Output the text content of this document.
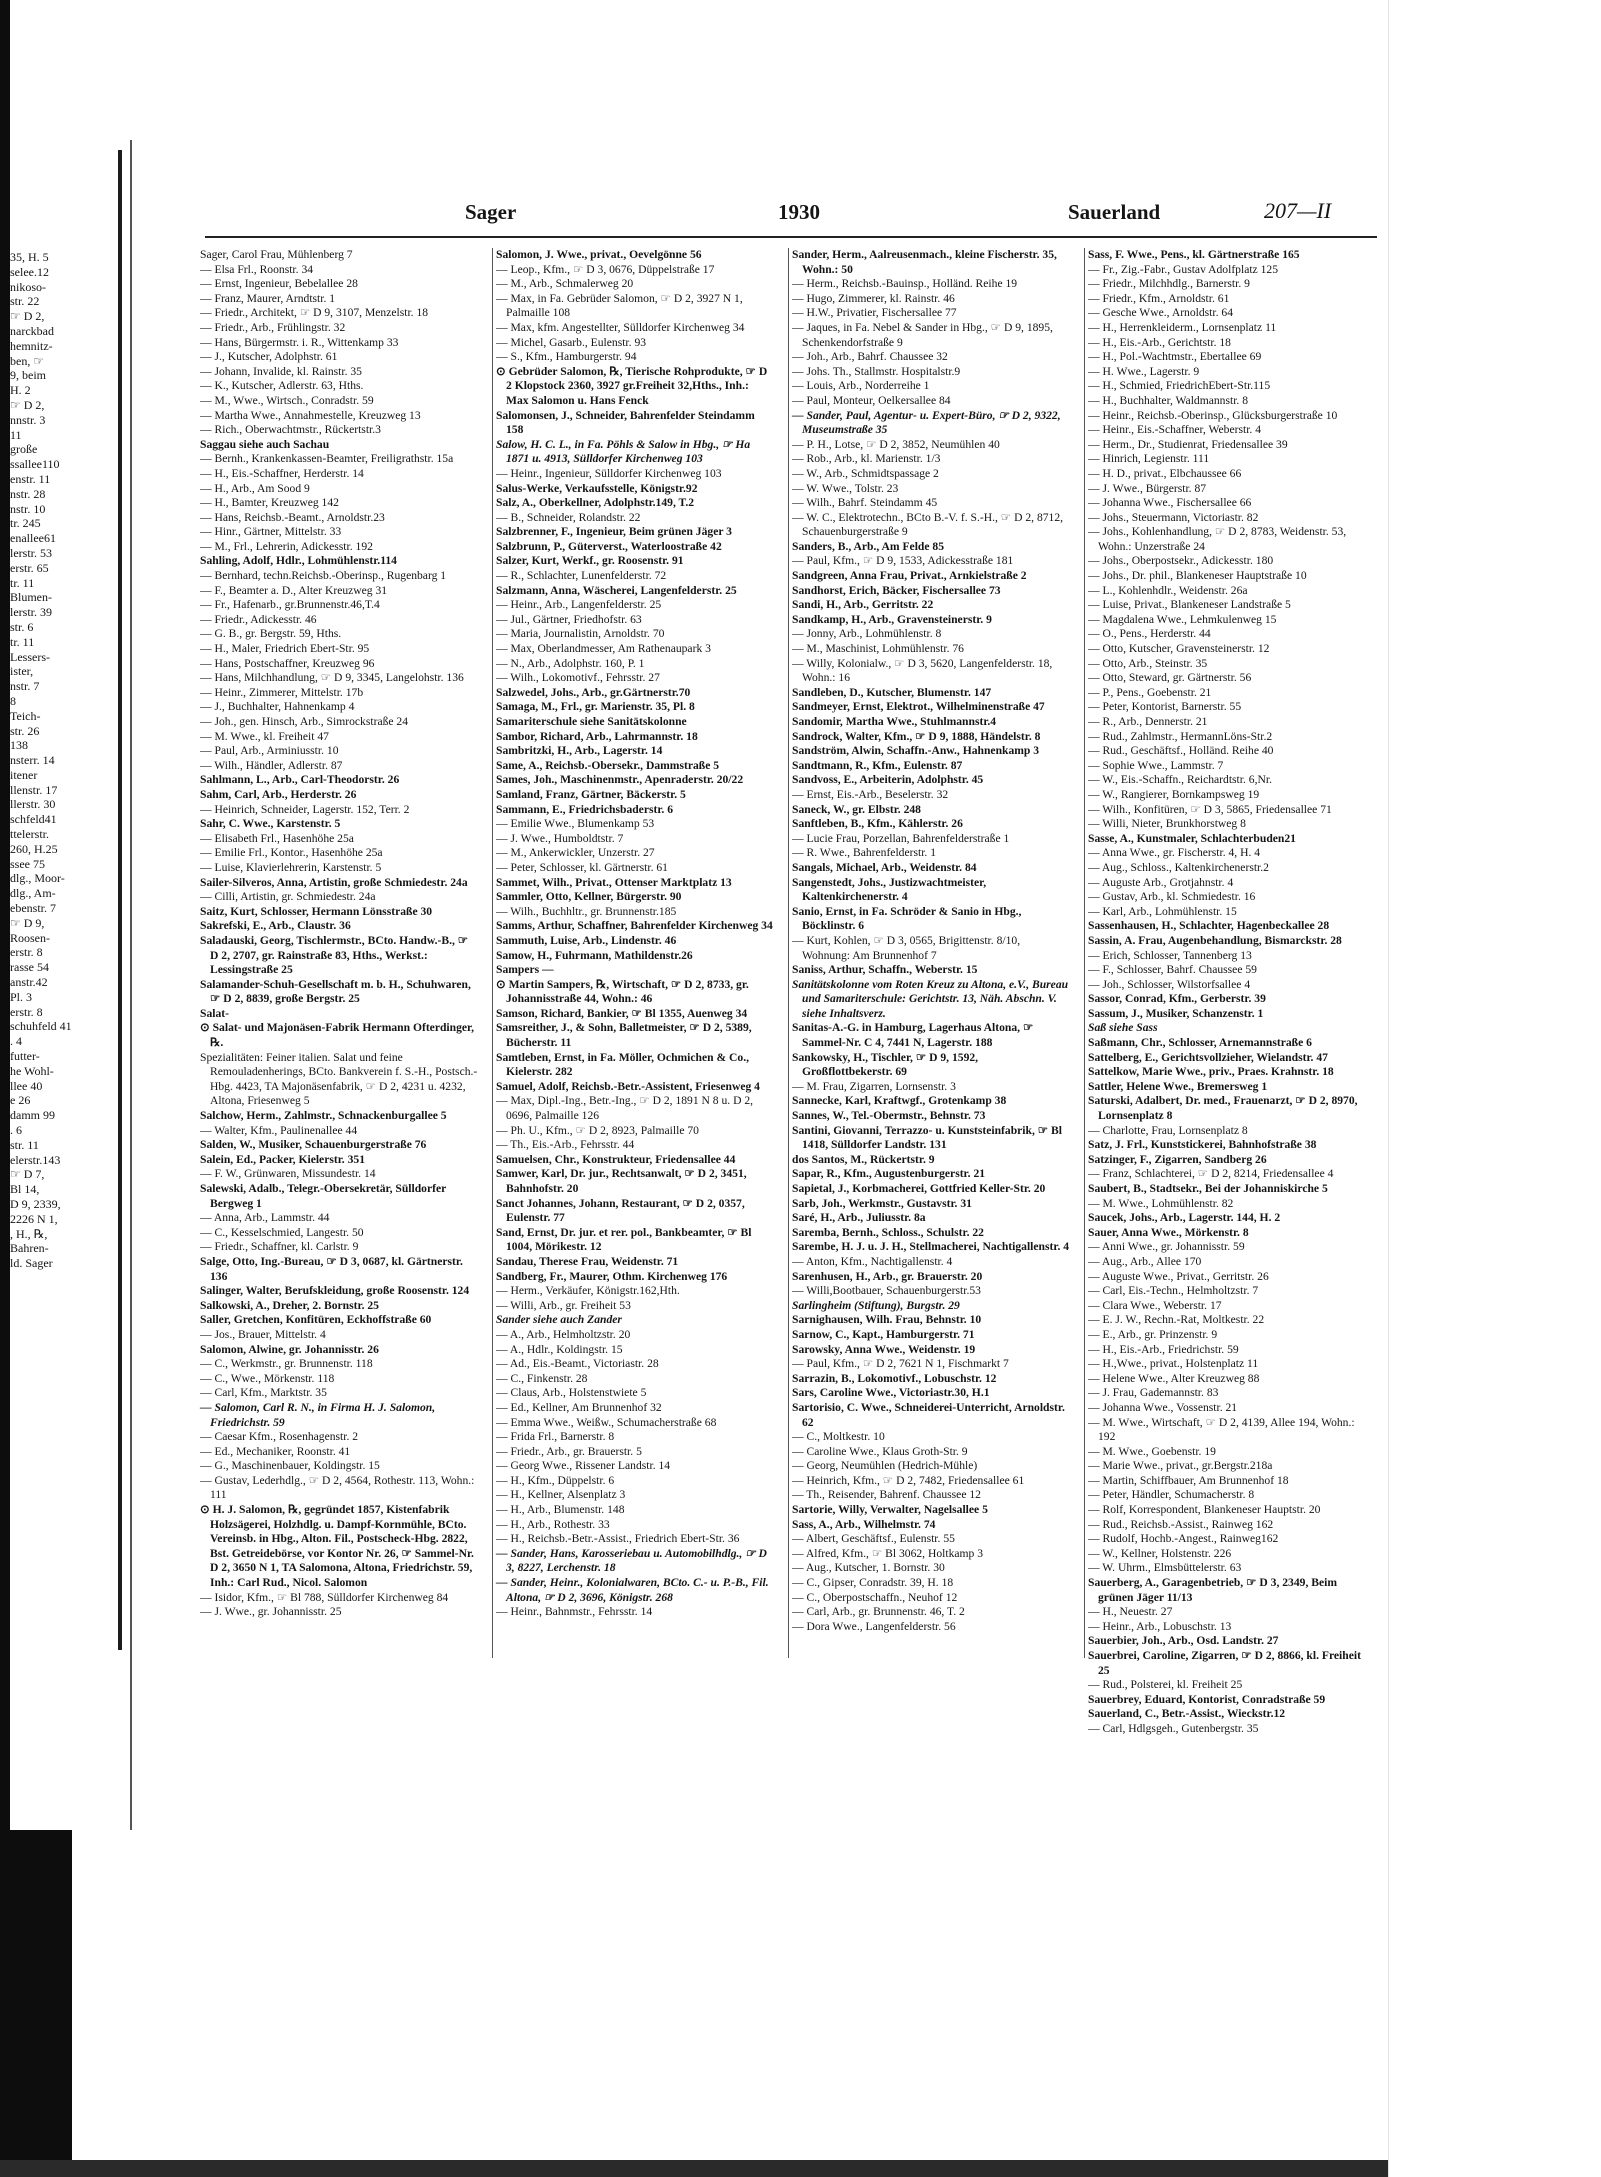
35, H. 5
selee.12
nikoso-
str. 22
☞ D 2,
narckbad
hemnitz-
ben, ☞
9, beim
H. 2
☞ D 2,
nnstr. 3
11
große
ssallee110
enstr. 11
nstr. 28
nstr. 10
tr. 245
enallee61
lerstr. 53
erstr. 65
tr. 11
Blumen-
lerstr. 39
str. 6
tr. 11
Lessers-
ister,
nstr. 7
8
Teich-
str. 26
138
nsterr. 14
itener
llenstr. 17
llerstr. 30
schfeld41
ttelerstr.
260, H.25
ssee 75
dlg., Moor-
dlg., Am-
ebenstr. 7
☞ D 9,
Roosen-
erstr. 8
rasse 54
anstr.42
Pl. 3
erstr. 8
schuhfeld 41
. 4
futter-
he Wohl-
llee 40
e 26
damm 99
. 6
str. 11
elerstr.143
☞ D 7,
Bl 14,
D 9, 2339,
2226 N 1,
, H., ℞,
Bahren-
ld. Sager
Sager	1930	Sauerland	207—II
Sager, Carol Frau, Mühlenberg 7
— Elsa Frl., Roonstr. 34
— Ernst, Ingenieur, Bebelallee 28
— Franz, Maurer, Arndtstr. 1
— Friedr., Architekt, ☞ D 9, 3107, Menzelstr. 18
— Friedr., Arb., Frühlingstr. 32
— Hans, Bürgermstr. i. R., Wittenkamp 33
— J., Kutscher, Adolphstr. 61
— Johann, Invalide, kl. Rainstr. 35
— K., Kutscher, Adlerstr. 63, Hths.
— M., Wwe., Wirtsch., Conradstr. 59
— Martha Wwe., Annahmestelle, Kreuzweg 13
— Rich., Oberwachtmstr., Rückertstr.3
Saggau siehe auch Sachau
— Bernh., Krankenkassen-Beamter, Freiligrathstr. 15a
— H., Eis.-Schaffner, Herderstr. 14
— H., Arb., Am Sood 9
— H., Bamter, Kreuzweg 142
— Hans, Reichsb.-Beamt., Arnoldstr.23
— Hinr., Gärtner, Mittelstr. 33
— M., Frl., Lehrerin, Adickesstr. 192
Sahling, Adolf, Hdlr., Lohmühlenstr.114
— Bernhard, techn.Reichsb.-Oberinsp., Rugenbarg 1
— F., Beamter a. D., Alter Kreuzweg 31
— Fr., Hafenarb., gr.Brunnenstr.46,T.4
— Friedr., Adickesstr. 46
— G. B., gr. Bergstr. 59, Hths.
— H., Maler, Friedrich Ebert-Str. 95
— Hans, Postschaffner, Kreuzweg 96
— Hans, Milchhandlung, ☞ D 9, 3345, Langelohstr. 136
— Heinr., Zimmerer, Mittelstr. 17b
— J., Buchhalter, Hahnenkamp 4
— Joh., gen. Hinsch, Arb., Simrockstraße 24
— M. Wwe., kl. Freiheit 47
— Paul, Arb., Arminiusstr. 10
— Wilh., Händler, Adlerstr. 87
Sahlmann, L., Arb., Carl-Theodorstr. 26
Sahm, Carl, Arb., Herderstr. 26
— Heinrich, Schneider, Lagerstr. 152, Terr. 2
Sahr, C. Wwe., Karstenstr. 5
— Elisabeth Frl., Hasenhöhe 25a
— Emilie Frl., Kontor., Hasenhöhe 25a
— Luise, Klavierlehrerin, Karstenstr. 5
Sailer-Silveros, Anna, Artistin, große Schmiedestr. 24a
— Cilli, Artistin, gr. Schmiedestr. 24a
Saitz, Kurt, Schlosser, Hermann Lönsstraße 30
Sakrefski, E., Arb., Claustr. 36
Saladauski, Georg, Tischlermstr., BCto. Handw.-B., ☞ D 2, 2707, gr. Rainstraße 83, Hths., Werkst.: Lessingstraße 25
Salamander-Schuh-Gesellschaft m. b. H., Schuhwaren, ☞ D 2, 8839, große Bergstr. 25
Salat-
⊙ Salat- und Majonäsen-Fabrik Hermann Ofterdinger, ℞.
Spezialitäten: Feiner italien. Salat und feine Remouladenherings, BCto. Bankverein f. S.-H., Postsch.-Hbg. 4423, TA Majonäsenfabrik, ☞ D 2, 4231 u. 4232, Altona, Friesenweg 5
Salchow, Herm., Zahlmstr., Schnackenburgallee 5
— Walter, Kfm., Paulinenallee 44
Salden, W., Musiker, Schauenburgerstraße 76
Salein, Ed., Packer, Kielerstr. 351
— F. W., Grünwaren, Missundestr. 14
Salewski, Adalb., Telegr.-Obersekretär, Sülldorfer Bergweg 1
— Anna, Arb., Lammstr. 44
— C., Kesselschmied, Langestr. 50
— Friedr., Schaffner, kl. Carlstr. 9
Salge, Otto, Ing.-Bureau, ☞ D 3, 0687, kl. Gärtnerstr. 136
Salinger, Walter, Berufskleidung, große Roosenstr. 124
Salkowski, A., Dreher, 2. Bornstr. 25
Saller, Gretchen, Konfitüren, Eckhoffstraße 60
— Jos., Brauer, Mittelstr. 4
Salomon, Alwine, gr. Johannisstr. 26
— C., Werkmstr., gr. Brunnenstr. 118
— C., Wwe., Mörkenstr. 118
— Carl, Kfm., Marktstr. 35
— Salomon, Carl R. N., in Firma H. J. Salomon, Friedrichstr. 59
— Caesar Kfm., Rosenhagenstr. 2
— Ed., Mechaniker, Roonstr. 41
— G., Maschinenbauer, Koldingstr. 15
— Gustav, Lederhdlg., ☞ D 2, 4564, Rothestr. 113, Wohn.: 111
⊙ H. J. Salomon, ℞, gegründet 1857, Kistenfabrik Holzsägerei, Holzhdlg. u. Dampf-Kornmühle, BCto. Vereinsb. in Hbg., Alton. Fil., Postscheck-Hbg. 2822, Bst. Getreidebörse, vor Kontor Nr. 26, ☞ Sammel-Nr. D 2, 3650 N 1, TA Salomona, Altona, Friedrichstr. 59, Inh.: Carl Rud., Nicol. Salomon
— Isidor, Kfm., ☞ Bl 788, Sülldorfer Kirchenweg 84
— J. Wwe., gr. Johannisstr. 25
Salomon, J. Wwe., privat., Oevelgönne 56
— Leop., Kfm., ☞ D 3, 0676, Düppelstraße 17
— M., Arb., Schmalerweg 20
— Max, in Fa. Gebrüder Salomon, ☞ D 2, 3927 N 1, Palmaille 108
— Max, kfm. Angestellter, Sülldorfer Kirchenweg 34
— Michel, Gasarb., Eulenstr. 93
— S., Kfm., Hamburgerstr. 94
⊙ Gebrüder Salomon, ℞, Tierische Rohprodukte, ☞ D 2 Klopstock 2360, 3927 gr.Freiheit 32,Hths., Inh.: Max Salomon u. Hans Fenck
Salomonsen, J., Schneider, Bahrenfelder Steindamm 158
Salow, H. C. L., in Fa. Pöhls & Salow in Hbg., ☞ Ha 1871 u. 4913, Sülldorfer Kirchenweg 103
— Heinr., Ingenieur, Sülldorfer Kirchenweg 103
Salus-Werke, Verkaufsstelle, Königstr.92
Salz, A., Oberkellner, Adolphstr.149, T.2
— B., Schneider, Rolandstr. 22
Salzbrenner, F., Ingenieur, Beim grünen Jäger 3
Salzbrunn, P., Güterverst., Waterloostraße 42
Salzer, Kurt, Werkf., gr. Roosenstr. 91
— R., Schlachter, Lunenfelderstr. 72
Salzmann, Anna, Wäscherei, Langenfelderstr. 25
— Heinr., Arb., Langenfelderstr. 25
— Jul., Gärtner, Friedhofstr. 63
— Maria, Journalistin, Arnoldstr. 70
— Max, Oberlandmesser, Am Rathenaupark 3
— N., Arb., Adolphstr. 160, P. 1
— Wilh., Lokomotivf., Fehrsstr. 27
Salzwedel, Johs., Arb., gr.Gärtnerstr.70
Samaga, M., Frl., gr. Marienstr. 35, Pl. 8
Samariterschule siehe Sanitätskolonne
Sambor, Richard, Arb., Lahrmannstr. 18
Sambritzki, H., Arb., Lagerstr. 14
Same, A., Reichsb.-Obersekr., Dammstraße 5
Sames, Joh., Maschinenmstr., Apenraderstr. 20/22
Samland, Franz, Gärtner, Bäckerstr. 5
Sammann, E., Friedrichsbaderstr. 6
— Emilie Wwe., Blumenkamp 53
— J. Wwe., Humboldtstr. 7
— M., Ankerwickler, Unzerstr. 27
— Peter, Schlosser, kl. Gärtnerstr. 61
Sammet, Wilh., Privat., Ottenser Marktplatz 13
Sammler, Otto, Kellner, Bürgerstr. 90
— Wilh., Buchhltr., gr. Brunnenstr.185
Samms, Arthur, Schaffner, Bahrenfelder Kirchenweg 34
Sammuth, Luise, Arb., Lindenstr. 46
Samow, H., Fuhrmann, Mathildenstr.26
Sampers —
⊙ Martin Sampers, ℞, Wirtschaft, ☞ D 2, 8733, gr. Johannisstraße 44, Wohn.: 46
Samson, Richard, Bankier, ☞ Bl 1355, Auenweg 34
Samsreither, J., & Sohn, Balletmeister, ☞ D 2, 5389, Bücherstr. 11
Samtleben, Ernst, in Fa. Möller, Ochmichen & Co., Kielerstr. 282
Samuel, Adolf, Reichsb.-Betr.-Assistent, Friesenweg 4
— Max, Dipl.-Ing., Betr.-Ing., ☞ D 2, 1891 N 8 u. D 2, 0696, Palmaille 126
— Ph. U., Kfm., ☞ D 2, 8923, Palmaille 70
— Th., Eis.-Arb., Fehrsstr. 44
Samuelsen, Chr., Konstrukteur, Friedensallee 44
Samwer, Karl, Dr. jur., Rechtsanwalt, ☞ D 2, 3451, Bahnhofstr. 20
Sanct Johannes, Johann, Restaurant, ☞ D 2, 0357, Eulenstr. 77
Sand, Ernst, Dr. jur. et rer. pol., Bankbeamter, ☞ Bl 1004, Mörikestr. 12
Sandau, Therese Frau, Weidenstr. 71
Sandberg, Fr., Maurer, Othm. Kirchenweg 176
— Herm., Verkäufer, Königstr.162,Hth.
— Willi, Arb., gr. Freiheit 53
Sander siehe auch Zander
— A., Arb., Helmholtzstr. 20
— A., Hdlr., Koldingstr. 15
— Ad., Eis.-Beamt., Victoriastr. 28
— C., Finkenstr. 28
— Claus, Arb., Holstenstwiete 5
— Ed., Kellner, Am Brunnenhof 32
— Emma Wwe., Weißw., Schumacherstraße 68
— Frida Frl., Barnerstr. 8
— Friedr., Arb., gr. Brauerstr. 5
— Georg Wwe., Rissener Landstr. 14
— H., Kfm., Düppelstr. 6
— H., Kellner, Alsenplatz 3
— H., Arb., Blumenstr. 148
— H., Arb., Rothestr. 33
— H., Reichsb.-Betr.-Assist., Friedrich Ebert-Str. 36
— Sander, Hans, Karosseriebau u. Automobilhdlg., ☞ D 3, 8227, Lerchenstr. 18
— Sander, Heinr., Kolonialwaren, BCto. C.- u. P.-B., Fil. Altona, ☞ D 2, 3696, Königstr. 268
— Heinr., Bahnmstr., Fehrsstr. 14
Sander, Herm., Aalreusenmach., kleine Fischerstr. 35, Wohn.: 50
— Herm., Reichsb.-Bauinsp., Holländ. Reihe 19
— Hugo, Zimmerer, kl. Rainstr. 46
— H.W., Privatier, Fischersallee 77
— Jaques, in Fa. Nebel & Sander in Hbg., ☞ D 9, 1895, Schenkendorfstraße 9
— Joh., Arb., Bahrf. Chaussee 32
— Johs. Th., Stallmstr. Hospitalstr.9
— Louis, Arb., Norderreihe 1
— Paul, Monteur, Oelkersallee 84
— Sander, Paul, Agentur- u. Expert-Büro, ☞ D 2, 9322, Museumstraße 35
— P. H., Lotse, ☞ D 2, 3852, Neumühlen 40
— Rob., Arb., kl. Marienstr. 1/3
— W., Arb., Schmidtspassage 2
— W. Wwe., Tolstr. 23
— Wilh., Bahrf. Steindamm 45
— W. C., Elektrotechn., BCto B.-V. f. S.-H., ☞ D 2, 8712, Schauenburgerstraße 9
Sanders, B., Arb., Am Felde 85
— Paul, Kfm., ☞ D 9, 1533, Adickesstraße 181
Sandgreen, Anna Frau, Privat., Arnkielstraße 2
Sandhorst, Erich, Bäcker, Fischersallee 73
Sandi, H., Arb., Gerritstr. 22
Sandkamp, H., Arb., Gravensteinerstr. 9
— Jonny, Arb., Lohmühlenstr. 8
— M., Maschinist, Lohmühlenstr. 76
— Willy, Kolonialw., ☞ D 3, 5620, Langenfelderstr. 18, Wohn.: 16
Sandleben, D., Kutscher, Blumenstr. 147
Sandmeyer, Ernst, Elektrot., Wilhelminenstraße 47
Sandomir, Martha Wwe., Stuhlmannstr.4
Sandrock, Walter, Kfm., ☞ D 9, 1888, Händelstr. 8
Sandström, Alwin, Schaffn.-Anw., Hahnenkamp 3
Sandtmann, R., Kfm., Eulenstr. 87
Sandvoss, E., Arbeiterin, Adolphstr. 45
— Ernst, Eis.-Arb., Beselerstr. 32
Saneck, W., gr. Elbstr. 248
Sanftleben, B., Kfm., Kählerstr. 26
— Lucie Frau, Porzellan, Bahrenfelderstraße 1
— R. Wwe., Bahrenfelderstr. 1
Sangals, Michael, Arb., Weidenstr. 84
Sangenstedt, Johs., Justizwachtmeister, Kaltenkirchenerstr. 4
Sanio, Ernst, in Fa. Schröder & Sanio in Hbg., Böcklinstr. 6
— Kurt, Kohlen, ☞ D 3, 0565, Brigittenstr. 8/10, Wohnung: Am Brunnenhof 7
Saniss, Arthur, Schaffn., Weberstr. 15
Sanitätskolonne vom Roten Kreuz zu Altona, e.V., Bureau und Samariterschule: Gerichtstr. 13, Näh. Abschn. V. siehe Inhaltsverz.
Sanitas-A.-G. in Hamburg, Lagerhaus Altona, ☞ Sammel-Nr. C 4, 7441 N, Lagerstr. 188
Sankowsky, H., Tischler, ☞ D 9, 1592, Großflottbekerstr. 69
— M. Frau, Zigarren, Lornsenstr. 3
Sannecke, Karl, Kraftwgf., Grotenkamp 38
Sannes, W., Tel.-Obermstr., Behnstr. 73
Santini, Giovanni, Terrazzo- u. Kunststeinfabrik, ☞ Bl 1418, Sülldorfer Landstr. 131
dos Santos, M., Rückertstr. 9
Sapar, R., Kfm., Augustenburgerstr. 21
Sapietal, J., Korbmacherei, Gottfried Keller-Str. 20
Sarb, Joh., Werkmstr., Gustavstr. 31
Saré, H., Arb., Juliusstr. 8a
Saremba, Bernh., Schloss., Schulstr. 22
Sarembe, H. J. u. J. H., Stellmacherei, Nachtigallenstr. 4
— Anton, Kfm., Nachtigallenstr. 4
Sarenhusen, H., Arb., gr. Brauerstr. 20
— Willi,Bootbauer, Schauenburgerstr.53
Sarlingheim (Stiftung), Burgstr. 29
Sarnighausen, Wilh. Frau, Behnstr. 10
Sarnow, C., Kapt., Hamburgerstr. 71
Sarowsky, Anna Wwe., Weidenstr. 19
— Paul, Kfm., ☞ D 2, 7621 N 1, Fischmarkt 7
Sarrazin, B., Lokomotivf., Lobuschstr. 12
Sars, Caroline Wwe., Victoriastr.30, H.1
Sartorisio, C. Wwe., Schneiderei-Unterricht, Arnoldstr. 62
— C., Moltkestr. 10
— Caroline Wwe., Klaus Groth-Str. 9
— Georg, Neumühlen (Hedrich-Mühle)
— Heinrich, Kfm., ☞ D 2, 7482, Friedensallee 61
— Th., Reisender, Bahrenf. Chaussee 12
Sartorie, Willy, Verwalter, Nagelsallee 5
Sass, A., Arb., Wilhelmstr. 74
— Albert, Geschäftsf., Eulenstr. 55
— Alfred, Kfm., ☞ Bl 3062, Holtkamp 3
— Aug., Kutscher, 1. Bornstr. 30
— C., Gipser, Conradstr. 39, H. 18
— C., Oberpostschaffn., Neuhof 12
— Carl, Arb., gr. Brunnenstr. 46, T. 2
— Dora Wwe., Langenfelderstr. 56
Sass, F. Wwe., Pens., kl. Gärtnerstraße 165
— Fr., Zig.-Fabr., Gustav Adolfplatz 125
— Friedr., Milchhdlg., Barnerstr. 9
— Friedr., Kfm., Arnoldstr. 61
— Gesche Wwe., Arnoldstr. 64
— H., Herrenkleiderm., Lornsenplatz 11
— H., Eis.-Arb., Gerichtstr. 18
— H., Pol.-Wachtmstr., Ebertallee 69
— H. Wwe., Lagerstr. 9
— H., Schmied, FriedrichEbert-Str.115
— H., Buchhalter, Waldmannstr. 8
— Heinr., Reichsb.-Oberinsp., Glücksburgerstraße 10
— Heinr., Eis.-Schaffner, Weberstr. 4
— Herm., Dr., Studienrat, Friedensallee 39
— Hinrich, Legienstr. 111
— H. D., privat., Elbchaussee 66
— J. Wwe., Bürgerstr. 87
— Johanna Wwe., Fischersallee 66
— Johs., Steuermann, Victoriastr. 82
— Johs., Kohlenhandlung, ☞ D 2, 8783, Weidenstr. 53, Wohn.: Unzerstraße 24
— Johs., Oberpostsekr., Adickesstr. 180
— Johs., Dr. phil., Blankeneser Hauptstraße 10
— L., Kohlenhdlr., Weidenstr. 26a
— Luise, Privat., Blankeneser Landstraße 5
— Magdalena Wwe., Lehmkulenweg 15
— O., Pens., Herderstr. 44
— Otto, Kutscher, Gravensteinerstr. 12
— Otto, Arb., Steinstr. 35
— Otto, Steward, gr. Gärtnerstr. 56
— P., Pens., Goebenstr. 21
— Peter, Kontorist, Barnerstr. 55
— R., Arb., Dennerstr. 21
— Rud., Zahlmstr., HermannLöns-Str.2
— Rud., Geschäftsf., Holländ. Reihe 40
— Sophie Wwe., Lammstr. 7
— W., Eis.-Schaffn., Reichardtstr. 6,Nr.
— W., Rangierer, Bornkampsweg 19
— Wilh., Konfitüren, ☞ D 3, 5865, Friedensallee 71
— Willi, Nieter, Brunkhorstweg 8
Sasse, A., Kunstmaler, Schlachterbuden21
— Anna Wwe., gr. Fischerstr. 4, H. 4
— Aug., Schloss., Kaltenkirchenerstr.2
— Auguste Arb., Grotjahnstr. 4
— Gustav, Arb., kl. Schmiedestr. 16
— Karl, Arb., Lohmühlenstr. 15
Sassenhausen, H., Schlachter, Hagenbeckallee 28
Sassin, A. Frau, Augenbehandlung, Bismarckstr. 28
— Erich, Schlosser, Tannenberg 13
— F., Schlosser, Bahrf. Chaussee 59
— Joh., Schlosser, Wilstorfsallee 4
Sassor, Conrad, Kfm., Gerberstr. 39
Sassum, J., Musiker, Schanzenstr. 1
Saß siehe Sass
Saßmann, Chr., Schlosser, Arnemannstraße 6
Sattelberg, E., Gerichtsvollzieher, Wielandstr. 47
Sattelkow, Marie Wwe., priv., Praes. Krahnstr. 18
Sattler, Helene Wwe., Bremersweg 1
Saturski, Adalbert, Dr. med., Frauenarzt, ☞ D 2, 8970, Lornsenplatz 8
— Charlotte, Frau, Lornsenplatz 8
Satz, J. Frl., Kunststickerei, Bahnhofstraße 38
Satzinger, F., Zigarren, Sandberg 26
— Franz, Schlachterei, ☞ D 2, 8214, Friedensallee 4
Saubert, B., Stadtsekr., Bei der Johanniskirche 5
— M. Wwe., Lohmühlenstr. 82
Saucek, Johs., Arb., Lagerstr. 144, H. 2
Sauer, Anna Wwe., Mörkenstr. 8
— Anni Wwe., gr. Johannisstr. 59
— Aug., Arb., Allee 170
— Auguste Wwe., Privat., Gerritstr. 26
— Carl, Eis.-Techn., Helmholtzstr. 7
— Clara Wwe., Weberstr. 17
— E. J. W., Rechn.-Rat, Moltkestr. 22
— E., Arb., gr. Prinzenstr. 9
— H., Eis.-Arb., Friedrichstr. 59
— H.,Wwe., privat., Holstenplatz 11
— Helene Wwe., Alter Kreuzweg 88
— J. Frau, Gademannstr. 83
— Johanna Wwe., Vossenstr. 21
— M. Wwe., Wirtschaft, ☞ D 2, 4139, Allee 194, Wohn.: 192
— M. Wwe., Goebenstr. 19
— Marie Wwe., privat., gr.Bergstr.218a
— Martin, Schiffbauer, Am Brunnenhof 18
— Peter, Händler, Schumacherstr. 8
— Rolf, Korrespondent, Blankeneser Hauptstr. 20
— Rud., Reichsb.-Assist., Rainweg 162
— Rudolf, Hochb.-Angest., Rainweg162
— W., Kellner, Holstenstr. 226
— W. Uhrm., Elmsbüttelerstr. 63
Sauerberg, A., Garagenbetrieb, ☞ D 3, 2349, Beim grünen Jäger 11/13
— H., Neuestr. 27
— Heinr., Arb., Lobuschstr. 13
Sauerbier, Joh., Arb., Osd. Landstr. 27
Sauerbrei, Caroline, Zigarren, ☞ D 2, 8866, kl. Freiheit 25
— Rud., Polsterei, kl. Freiheit 25
Sauerbrey, Eduard, Kontorist, Conradstraße 59
Sauerland, C., Betr.-Assist., Wieckstr.12
— Carl, Hdlgsgeh., Gutenbergstr. 35
